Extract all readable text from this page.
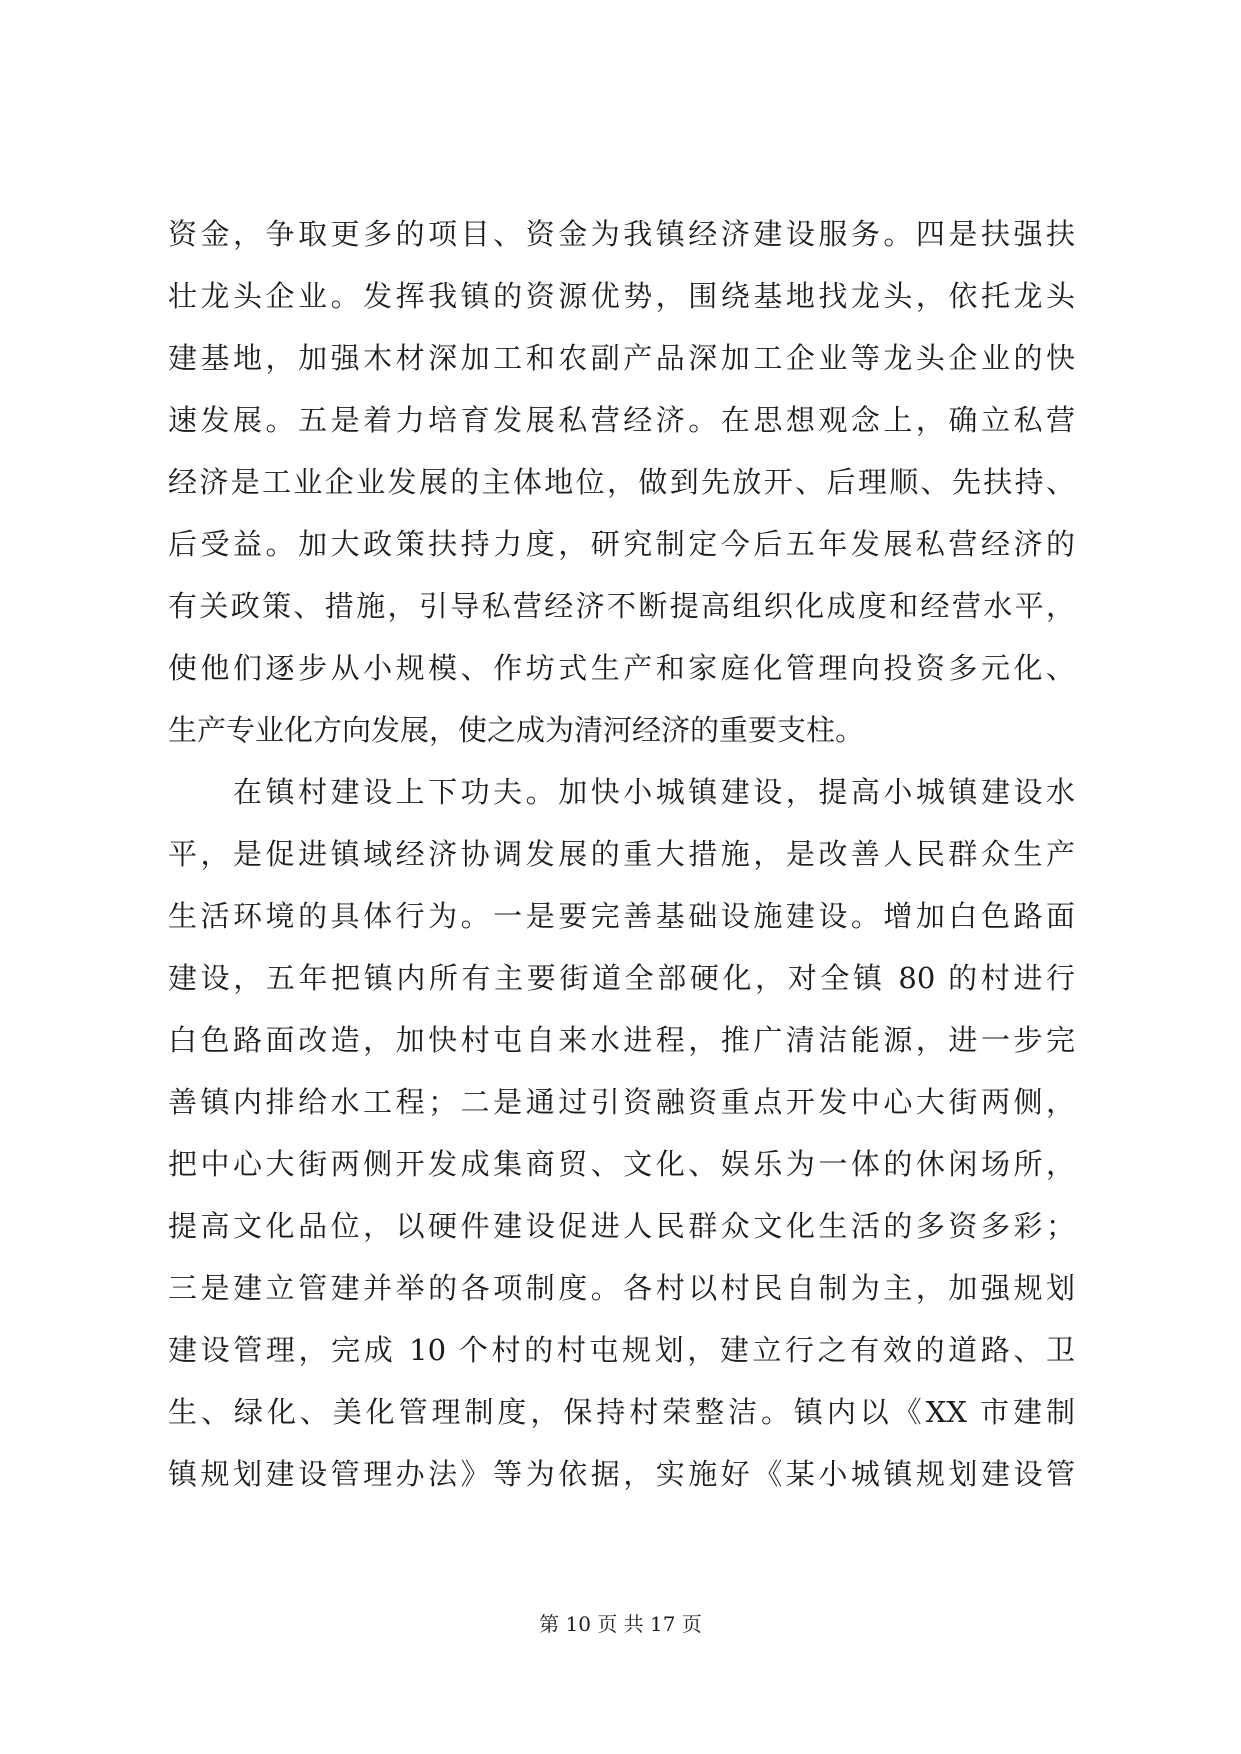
资金，争取更多的项目、资金为我镇经济建设服务。四是扶强扶
壮龙头企业。发挥我镇的资源优势，围绕基地找龙头，依托龙头
建基地，加强木材深加工和农副产品深加工企业等龙头企业的快
速发展。五是着力培育发展私营经济。在思想观念上，确立私营
经济是工业企业发展的主体地位，做到先放开、后理顺、先扶持、
后受益。加大政策扶持力度，研究制定今后五年发展私营经济的
有关政策、措施，引导私营经济不断提高组织化成度和经营水平，
使他们逐步从小规模、作坊式生产和家庭化管理向投资多元化、
生产专业化方向发展，使之成为清河经济的重要支柱。
在镇村建设上下功夫。加快小城镇建设，提高小城镇建设水
平，是促进镇域经济协调发展的重大措施，是改善人民群众生产
生活环境的具体行为。一是要完善基础设施建设。增加白色路面
建设，五年把镇内所有主要街道全部硬化，对全镇 80 的村进行
白色路面改造，加快村屯自来水进程，推广清洁能源，进一步完
善镇内排给水工程；二是通过引资融资重点开发中心大街两侧，
把中心大街两侧开发成集商贸、文化、娱乐为一体的休闲场所，
提高文化品位，以硬件建设促进人民群众文化生活的多资多彩；
三是建立管建并举的各项制度。各村以村民自制为主，加强规划
建设管理，完成 10 个村的村屯规划，建立行之有效的道路、卫
生、绿化、美化管理制度，保持村荣整洁。镇内以《XX 市建制
镇规划建设管理办法》等为依据，实施好《某小城镇规划建设管
第 10 页 共 17 页
